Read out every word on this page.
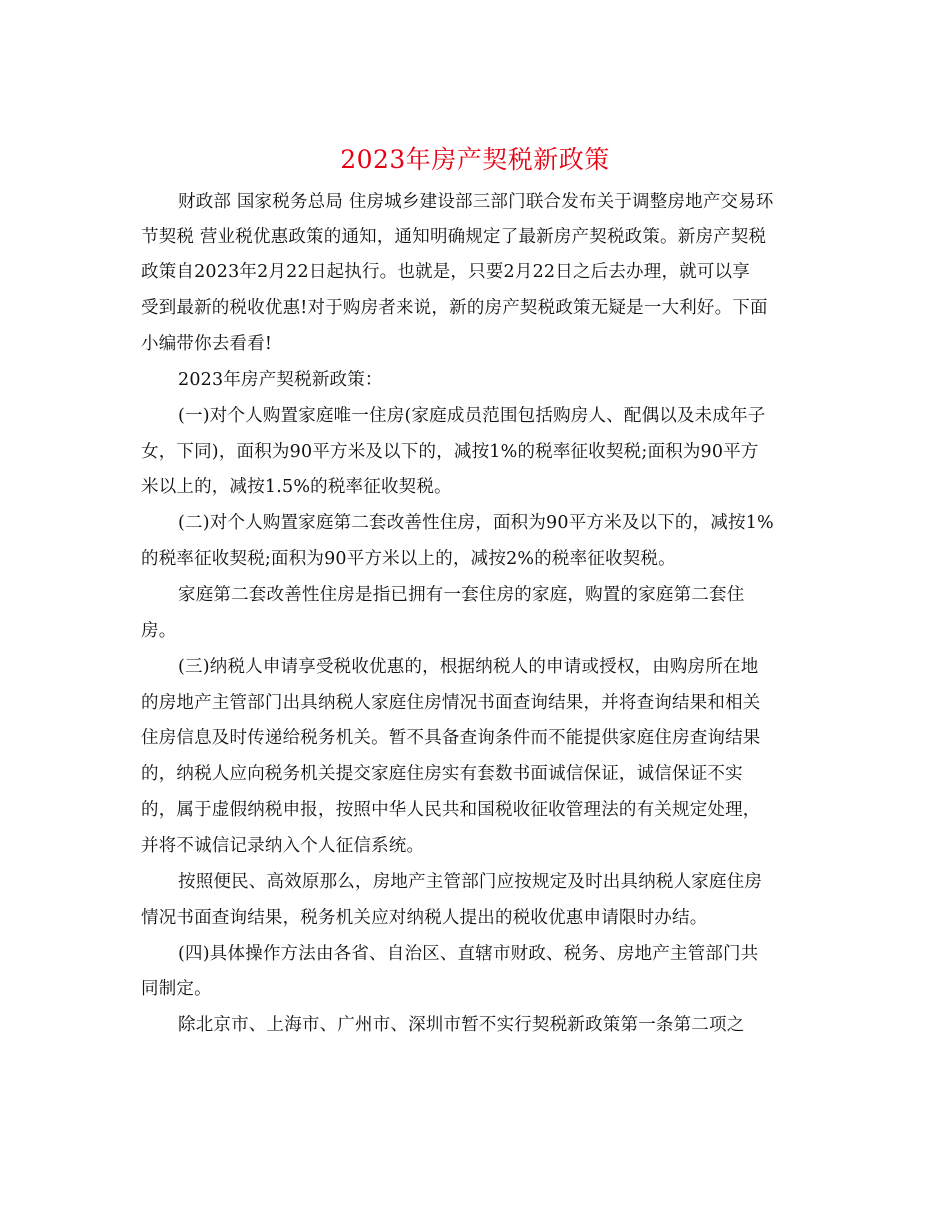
2023年房产契税新政策
财政部 国家税务总局 住房城乡建设部三部门联合发布关于调整房地产交易环
节契税 营业税优惠政策的通知，通知明确规定了最新房产契税政策。新房产契税
政策自2023年2月22日起执行。也就是，只要2月22日之后去办理，就可以享
受到最新的税收优惠!对于购房者来说，新的房产契税政策无疑是一大利好。下面
小编带你去看看!
2023年房产契税新政策：
(一)对个人购置家庭唯一住房(家庭成员范围包括购房人、配偶以及未成年子
女，下同)，面积为90平方米及以下的，减按1%的税率征收契税;面积为90平方
米以上的，减按1.5%的税率征收契税。
(二)对个人购置家庭第二套改善性住房，面积为90平方米及以下的，减按1%
的税率征收契税;面积为90平方米以上的，减按2%的税率征收契税。
家庭第二套改善性住房是指已拥有一套住房的家庭，购置的家庭第二套住
房。
(三)纳税人申请享受税收优惠的，根据纳税人的申请或授权，由购房所在地
的房地产主管部门出具纳税人家庭住房情况书面查询结果，并将查询结果和相关
住房信息及时传递给税务机关。暂不具备查询条件而不能提供家庭住房查询结果
的，纳税人应向税务机关提交家庭住房实有套数书面诚信保证，诚信保证不实
的，属于虚假纳税申报，按照中华人民共和国税收征收管理法的有关规定处理，
并将不诚信记录纳入个人征信系统。
按照便民、高效原那么，房地产主管部门应按规定及时出具纳税人家庭住房
情况书面查询结果，税务机关应对纳税人提出的税收优惠申请限时办结。
(四)具体操作方法由各省、自治区、直辖市财政、税务、房地产主管部门共
同制定。
除北京市、上海市、广州市、深圳市暂不实行契税新政策第一条第二项之
